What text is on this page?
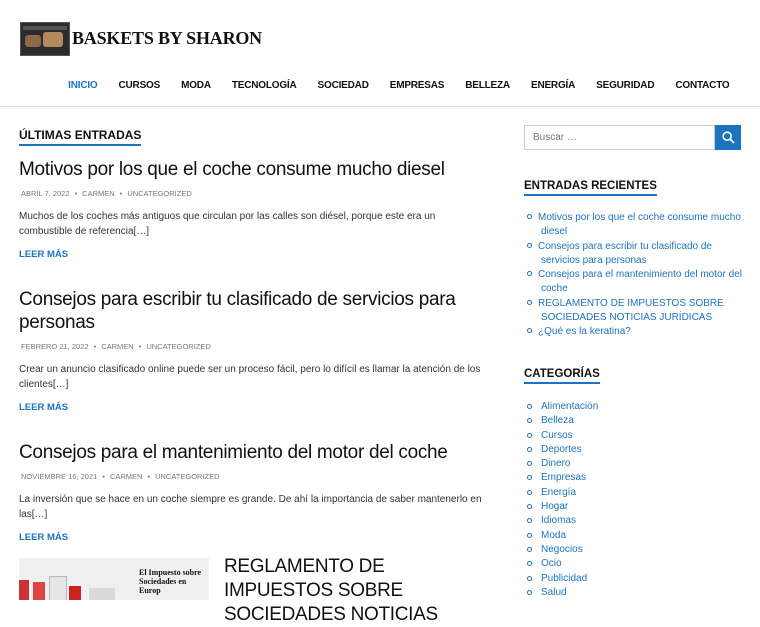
BASKETS BY SHARON
INICIO	CURSOS	MODA	TECNOLOGÍA	SOCIEDAD	EMPRESAS	BELLEZA	ENERGÍA	SEGURIDAD	CONTACTO
ÚLTIMAS ENTRADAS
Motivos por los que el coche consume mucho diesel
ABRIL 7, 2022 • CARMEN • UNCATEGORIZED
Muchos de los coches más antiguos que circulan por las calles son diésel, porque este era un combustible de referencia[…]
LEER MÁS
Consejos para escribir tu clasificado de servicios para personas
FEBRERO 21, 2022 • CARMEN • UNCATEGORIZED
Crear un anuncio clasificado online puede ser un proceso fácil, pero lo difícil es llamar la atención de los clientes[…]
LEER MÁS
Consejos para el mantenimiento del motor del coche
NOVIEMBRE 16, 2021 • CARMEN • UNCATEGORIZED
La inversión que se hace en un coche siempre es grande. De ahí la importancia de saber mantenerlo en las[…]
LEER MÁS
El Impuesto sobre Sociedades en Europ
REGLAMENTO DE IMPUESTOS SOBRE SOCIEDADES NOTICIAS
Buscar …
ENTRADAS RECIENTES
Motivos por los que el coche consume mucho diesel
Consejos para escribir tu clasificado de servicios para personas
Consejos para el mantenimiento del motor del coche
REGLAMENTO DE IMPUESTOS SOBRE SOCIEDADES NOTICIAS JURÍDICAS
¿Qué es la keratina?
CATEGORÍAS
Alimentación
Belleza
Cursos
Deportes
Dinero
Empresas
Energía
Hogar
Idiomas
Moda
Negocios
Ocio
Publicidad
Salud
